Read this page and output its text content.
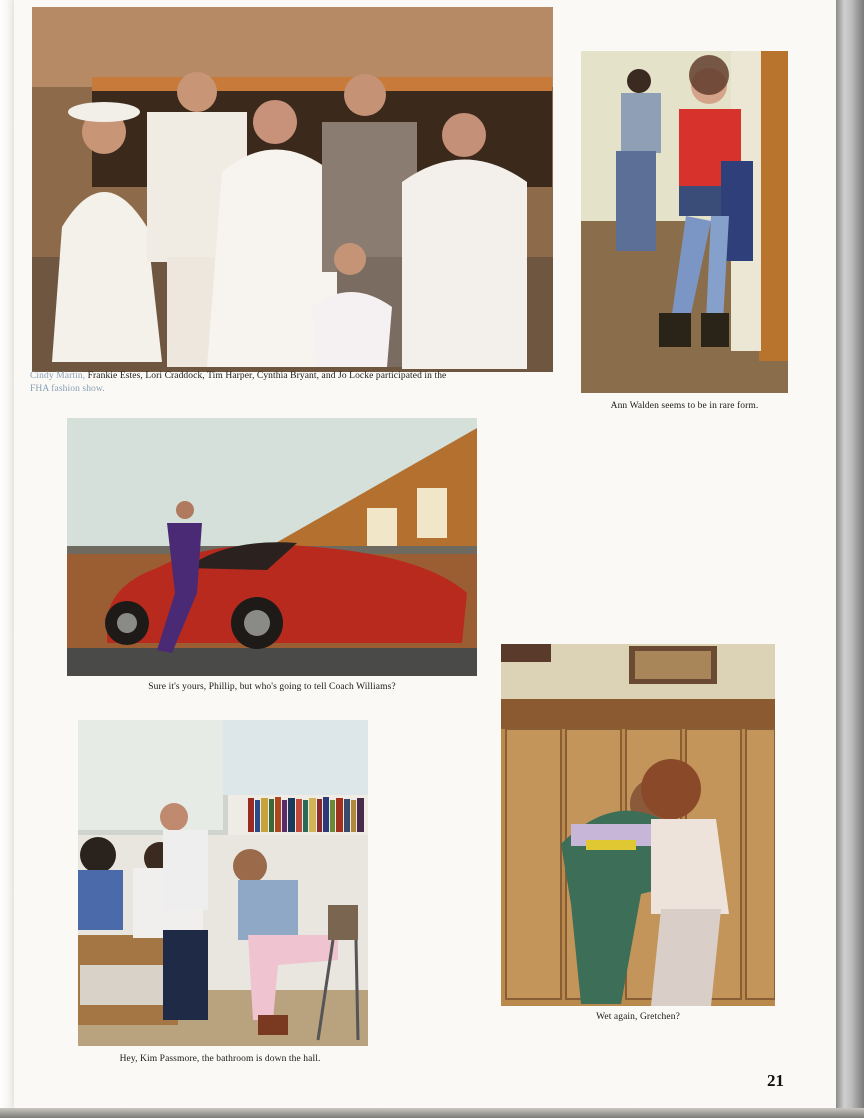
Cindy Martin, Frankie Estes, Lori Craddock, Tim Harper, Cynthia Bryant, and Jo Locke participated in the
FHA fashion show.
Ann Walden seems to be in rare form.
Sure it's yours, Phillip, but who's going to tell Coach Williams?
Hey, Kim Passmore, the bathroom is down the hall.
Wet again, Gretchen?
21
